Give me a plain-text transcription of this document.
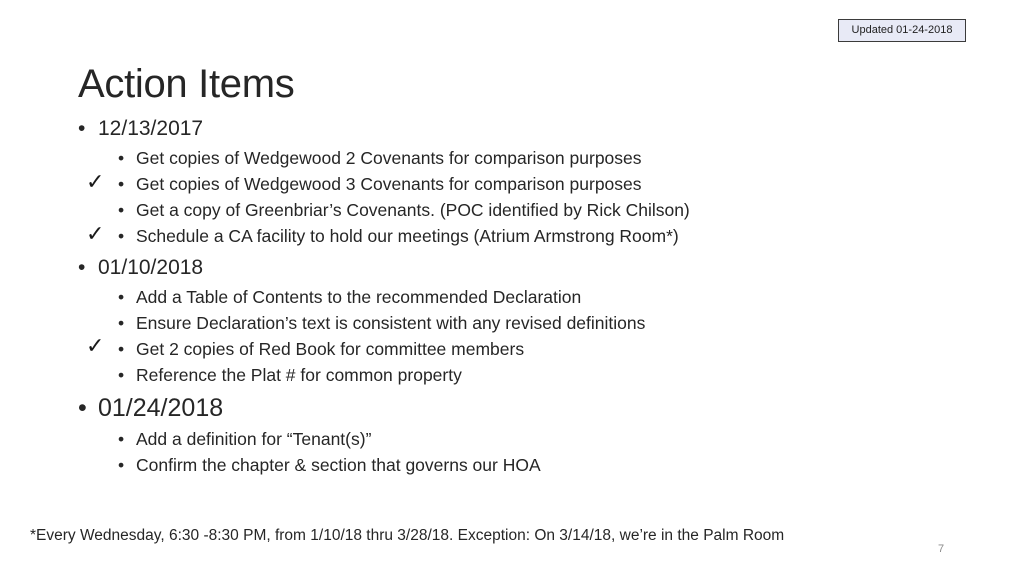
Updated 01-24-2018
Action Items
• 12/13/2017
• Get copies of Wedgewood 2 Covenants for comparison purposes
✓ • Get copies of Wedgewood 3 Covenants for comparison purposes
• Get a copy of Greenbriar’s Covenants. (POC identified by Rick Chilson)
✓ • Schedule a CA facility to hold our meetings (Atrium Armstrong Room*)
• 01/10/2018
• Add a Table of Contents to the recommended Declaration
• Ensure Declaration’s text is consistent with any revised definitions
✓ • Get 2 copies of Red Book for committee members
• Reference the Plat # for common property
• 01/24/2018
• Add a definition for “Tenant(s)”
• Confirm the chapter & section that governs our HOA
*Every Wednesday, 6:30 -8:30 PM, from 1/10/18 thru 3/28/18. Exception: On 3/14/18, we’re in the Palm Room
7
